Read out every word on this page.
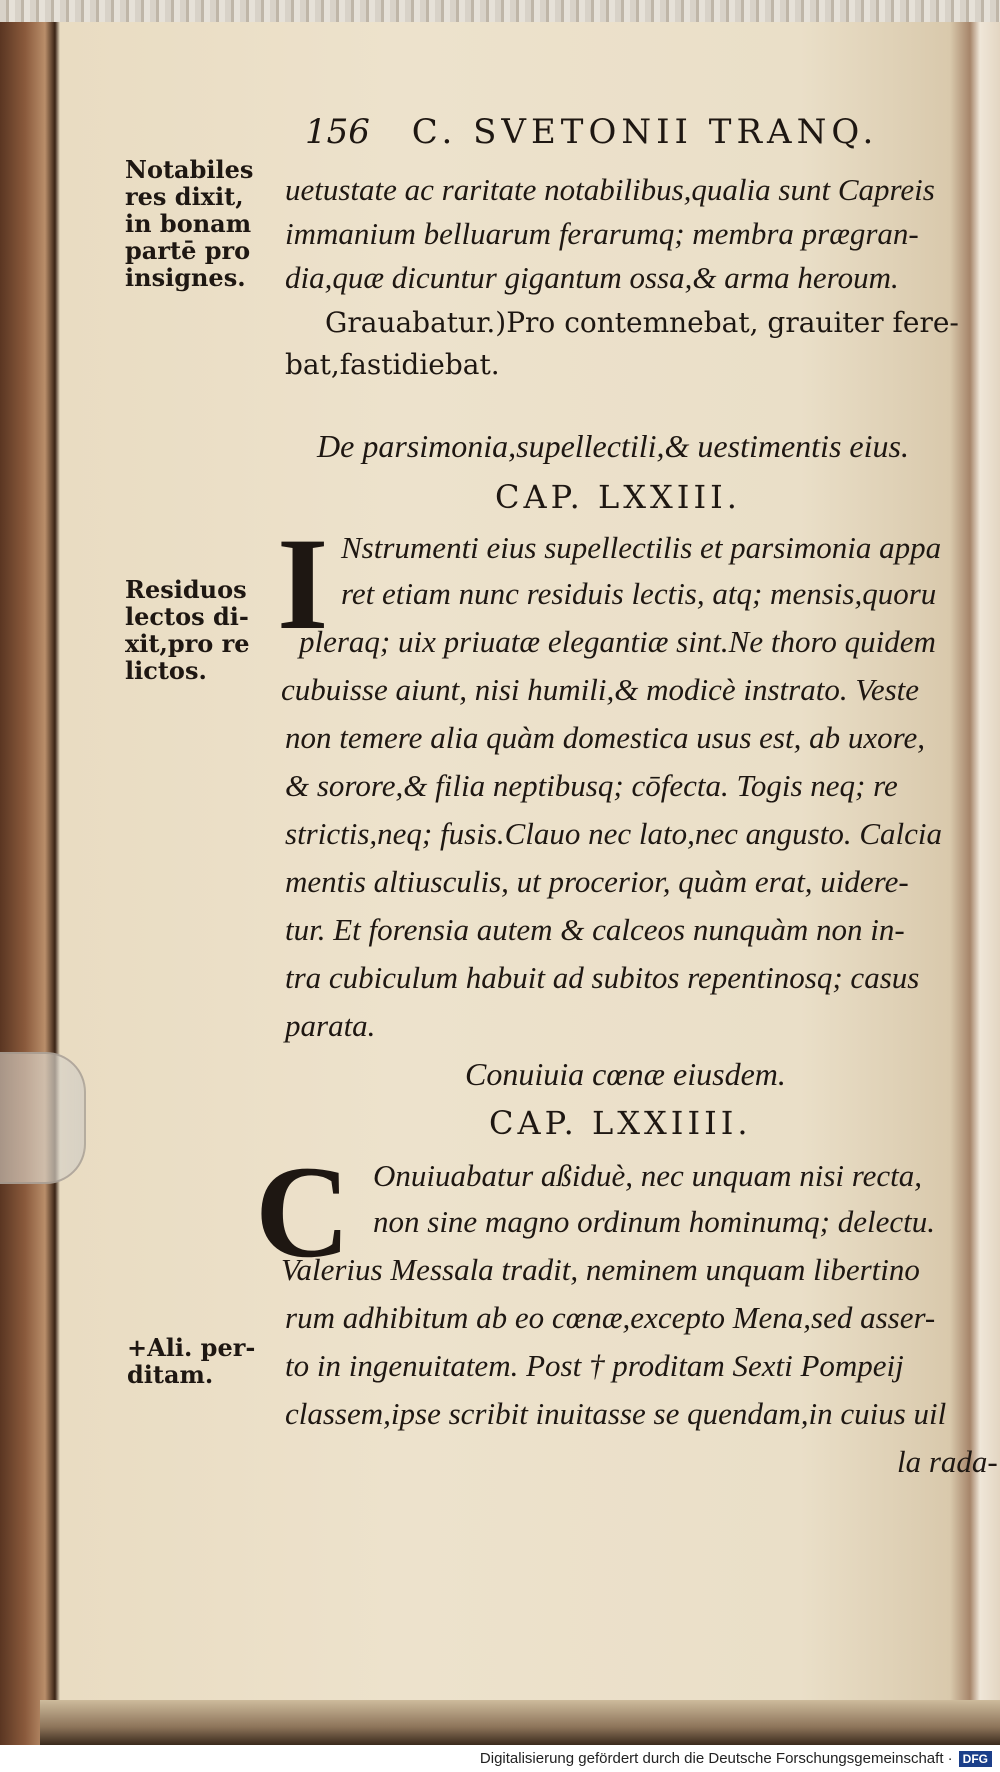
156 C. SVETONII TRANQ.
Notabiles
res dixit,
in bonam
partē pro
insignes.
uetustate ac raritate notabilibus,qualia sunt Capreis
immanium belluarum ferarumq; membra prægran-
dia,quæ dicuntur gigantum ossa,& arma heroum.
Grauabatur.)Pro contemnebat, grauiter fere-
bat,fastidiebat.
De parsimonia,supellectili,& uestimentis eius.
CAP. LXXIII.
I
Residuos
lectos di-
xit,pro re
lictos.
Nstrumenti eius supellectilis et parsimonia appa
ret etiam nunc residuis lectis, atq; mensis,quoru
pleraq; uix priuatæ elegantiæ sint.Ne thoro quidem
cubuisse aiunt, nisi humili,& modicè instrato. Veste
non temere alia quàm domestica usus est, ab uxore,
& sorore,& filia neptibusq; cōfecta. Togis neq; re
strictis,neq; fusis.Clauo nec lato,nec angusto. Calcia
mentis altiusculis, ut procerior, quàm erat, uidere-
tur. Et forensia autem & calceos nunquàm non in-
tra cubiculum habuit ad subitos repentinosq; casus
parata.
Conuiuia cœnæ eiusdem.
CAP. LXXIIII.
C Onuiuabatur aßiduè, nec unquam nisi recta,
non sine magno ordinum hominumq; delectu.
Valerius Messala tradit, neminem unquam libertino
rum adhibitum ab eo cœnæ,excepto Mena,sed asser-
+Ali. per-
ditam.	to in ingenuitatem. Post † proditam Sexti Pompeij
classem,ipse scribit inuitasse se quendam,in cuius uil
la rada-
Digitalisierung gefördert durch die Deutsche Forschungsgemeinschaft · DFG
